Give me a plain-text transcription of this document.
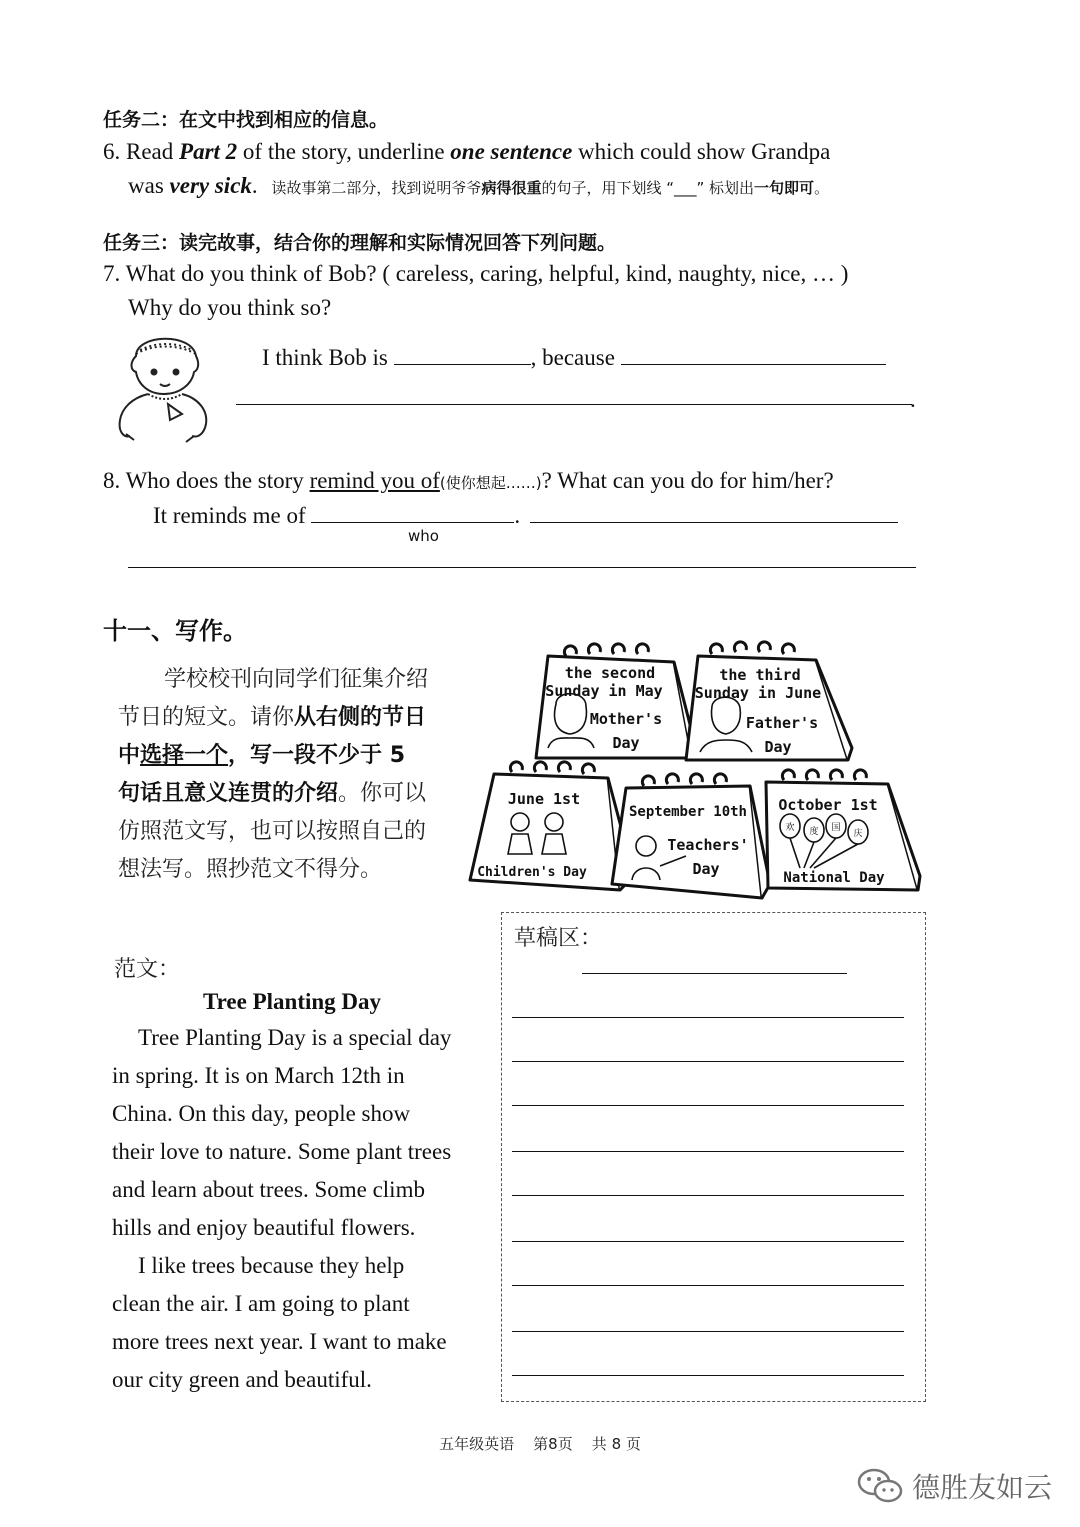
任务二：在文中找到相应的信息。
6. Read Part 2 of the story, underline one sentence which could show Grandpa
was very sick. 读故事第二部分，找到说明爷爷病得很重的句子，用下划线 “___” 标划出一句即可。
任务三：读完故事，结合你的理解和实际情况回答下列问题。
7. What do you think of Bob? ( careless, caring, helpful, kind, naughty, nice, … )
Why do you think so?
I think Bob is	, because
.
8. Who does the story remind you of(使你想起……)? What can you do for him/her?
It reminds me of	.
who
十一、写作。
学校校刊向同学们征集介绍
节日的短文。请你从右侧的节日
中选择一个，写一段不少于 5
句话且意义连贯的介绍。你可以
仿照范文写，也可以按照自己的
想法写。照抄范文不得分。
the second
Sunday in May
Mother's
Day
the third
Sunday in June
Father's
Day
June 1st
Children's Day
September 10th
Teachers'
Day
October 1st
National Day
欢 度 国
庆
范文：
Tree Planting Day
Tree Planting Day is a special day
in spring. It is on March 12th in
China. On this day, people show
their love to nature. Some plant trees
and learn about trees. Some climb
hills and enjoy beautiful flowers.
I like trees because they help
clean the air. I am going to plant
more trees next year. I want to make
our city green and beautiful.
草稿区：
五年级英语    第8页    共 8 页
德胜友如云
